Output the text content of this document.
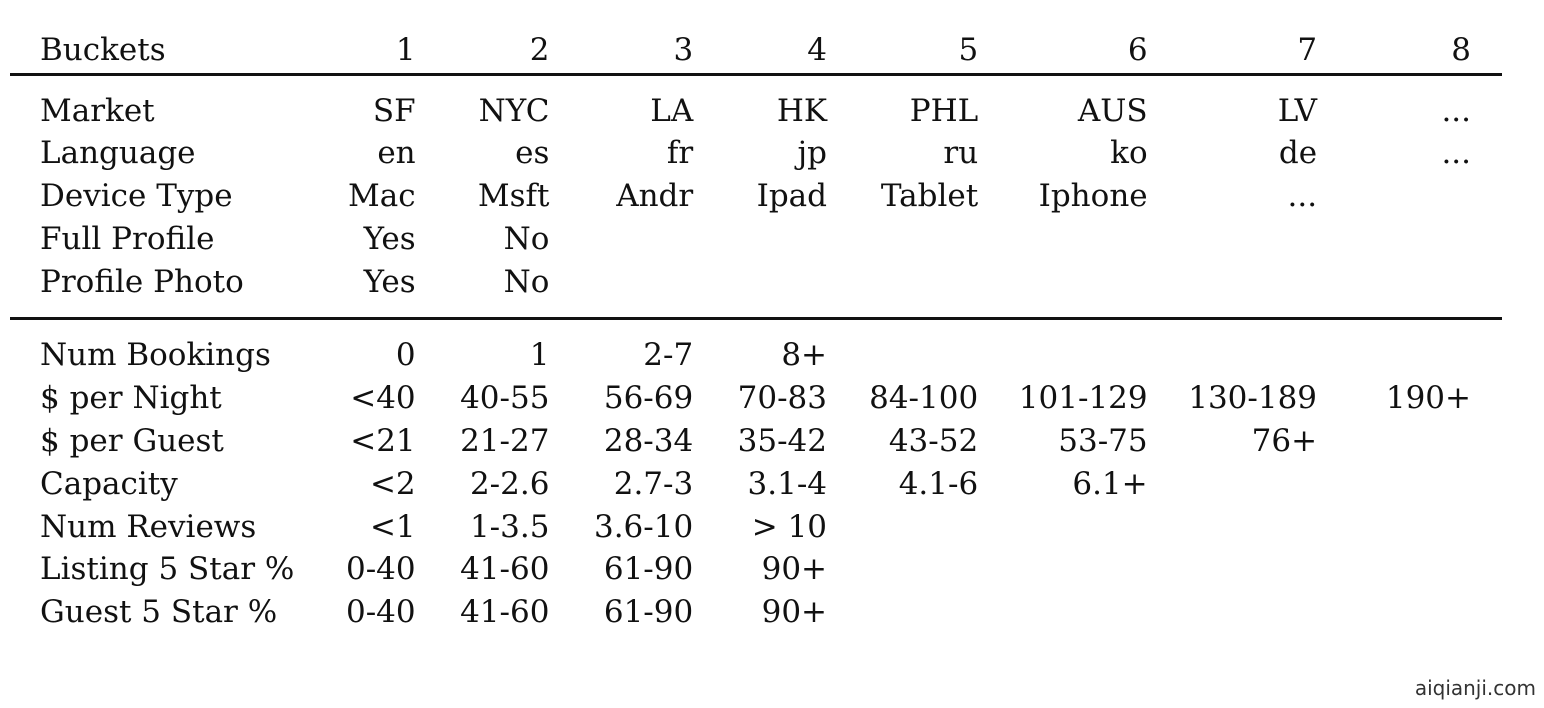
Buckets	1	2	3	4	5	6	7	8
Market	SF	NYC	LA	HK	PHL	AUS	LV	...
Language	en	es	fr	jp	ru	ko	de	...
Device Type	Mac	Msft	Andr	Ipad	Tablet	Iphone	...	
Full Profile	Yes	No						
Profile Photo	Yes	No						
Num Bookings	0	1	2-7	8+				
$ per Night	<40	40-55	56-69	70-83	84-100	101-129	130-189	190+
$ per Guest	<21	21-27	28-34	35-42	43-52	53-75	76+	
Capacity	<2	2-2.6	2.7-3	3.1-4	4.1-6	6.1+		
Num Reviews	<1	1-3.5	3.6-10	> 10				
Listing 5 Star %	0-40	41-60	61-90	90+				
Guest 5 Star %	0-40	41-60	61-90	90+				
aiqianji.com
